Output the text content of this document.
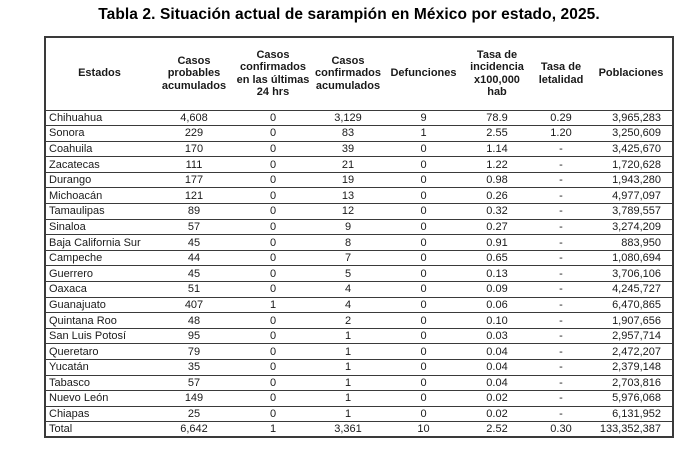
Tabla 2. Situación actual de sarampión en México por estado, 2025.
Estados	Casos probables acumulados	Casos confirmados en las últimas 24 hrs	Casos confirmados acumulados	Defunciones	Tasa de incidencia x100,000 hab	Tasa de letalidad	Poblaciones
Chihuahua	4,608	0	3,129	9	78.9	0.29	3,965,283
Sonora	229	0	83	1	2.55	1.20	3,250,609
Coahuila	170	0	39	0	1.14	-	3,425,670
Zacatecas	111	0	21	0	1.22	-	1,720,628
Durango	177	0	19	0	0.98	-	1,943,280
Michoacán	121	0	13	0	0.26	-	4,977,097
Tamaulipas	89	0	12	0	0.32	-	3,789,557
Sinaloa	57	0	9	0	0.27	-	3,274,209
Baja California Sur	45	0	8	0	0.91	-	883,950
Campeche	44	0	7	0	0.65	-	1,080,694
Guerrero	45	0	5	0	0.13	-	3,706,106
Oaxaca	51	0	4	0	0.09	-	4,245,727
Guanajuato	407	1	4	0	0.06	-	6,470,865
Quintana Roo	48	0	2	0	0.10	-	1,907,656
San Luis Potosí	95	0	1	0	0.03	-	2,957,714
Queretaro	79	0	1	0	0.04	-	2,472,207
Yucatán	35	0	1	0	0.04	-	2,379,148
Tabasco	57	0	1	0	0.04	-	2,703,816
Nuevo León	149	0	1	0	0.02	-	5,976,068
Chiapas	25	0	1	0	0.02	-	6,131,952
Total	6,642	1	3,361	10	2.52	0.30	133,352,387
